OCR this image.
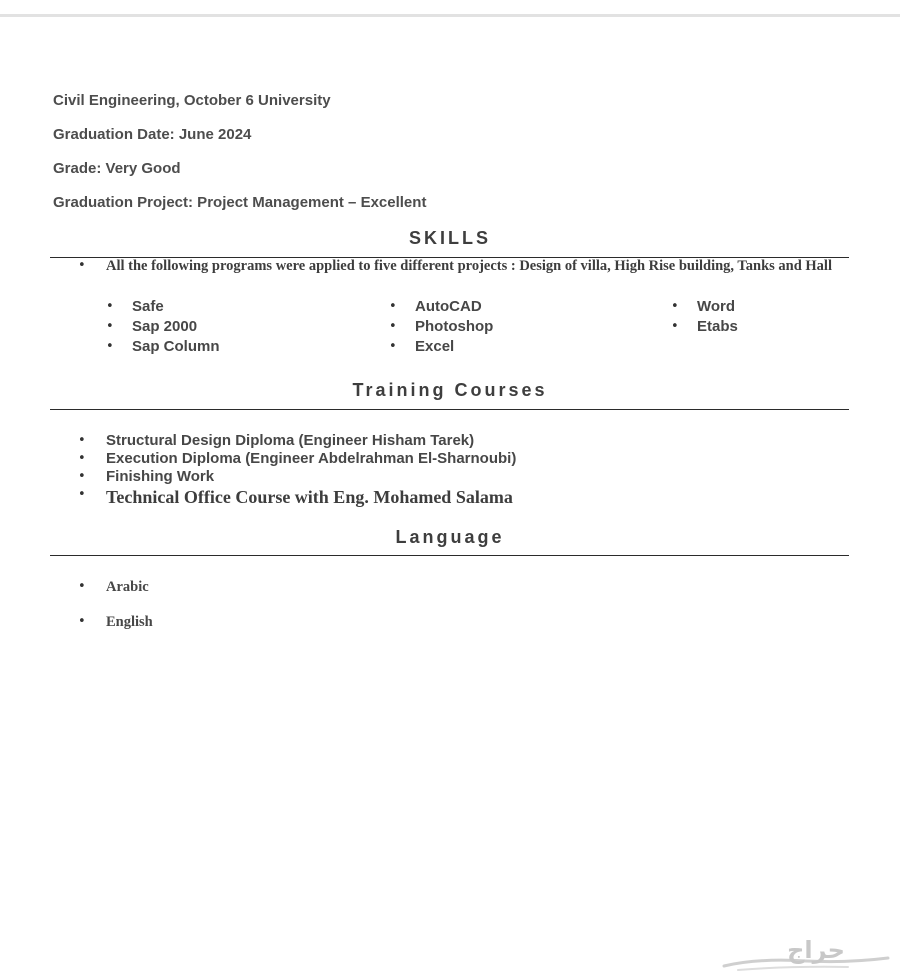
Civil Engineering, October 6 University
Graduation Date: June 2024
Grade: Very Good
Graduation Project: Project Management – Excellent
SKILLS
• All the following programs were applied to five different projects : Design of villa, High Rise building, Tanks and Hall
• Safe
• Sap 2000
• Sap Column
• AutoCAD
• Photoshop
• Excel
• Word
• Etabs
Training Courses
• Structural Design Diploma (Engineer Hisham Tarek)
• Execution Diploma (Engineer Abdelrahman El-Sharnoubi)
• Finishing Work
• Technical Office Course with Eng. Mohamed Salama
Language
• Arabic
• English
حراج
